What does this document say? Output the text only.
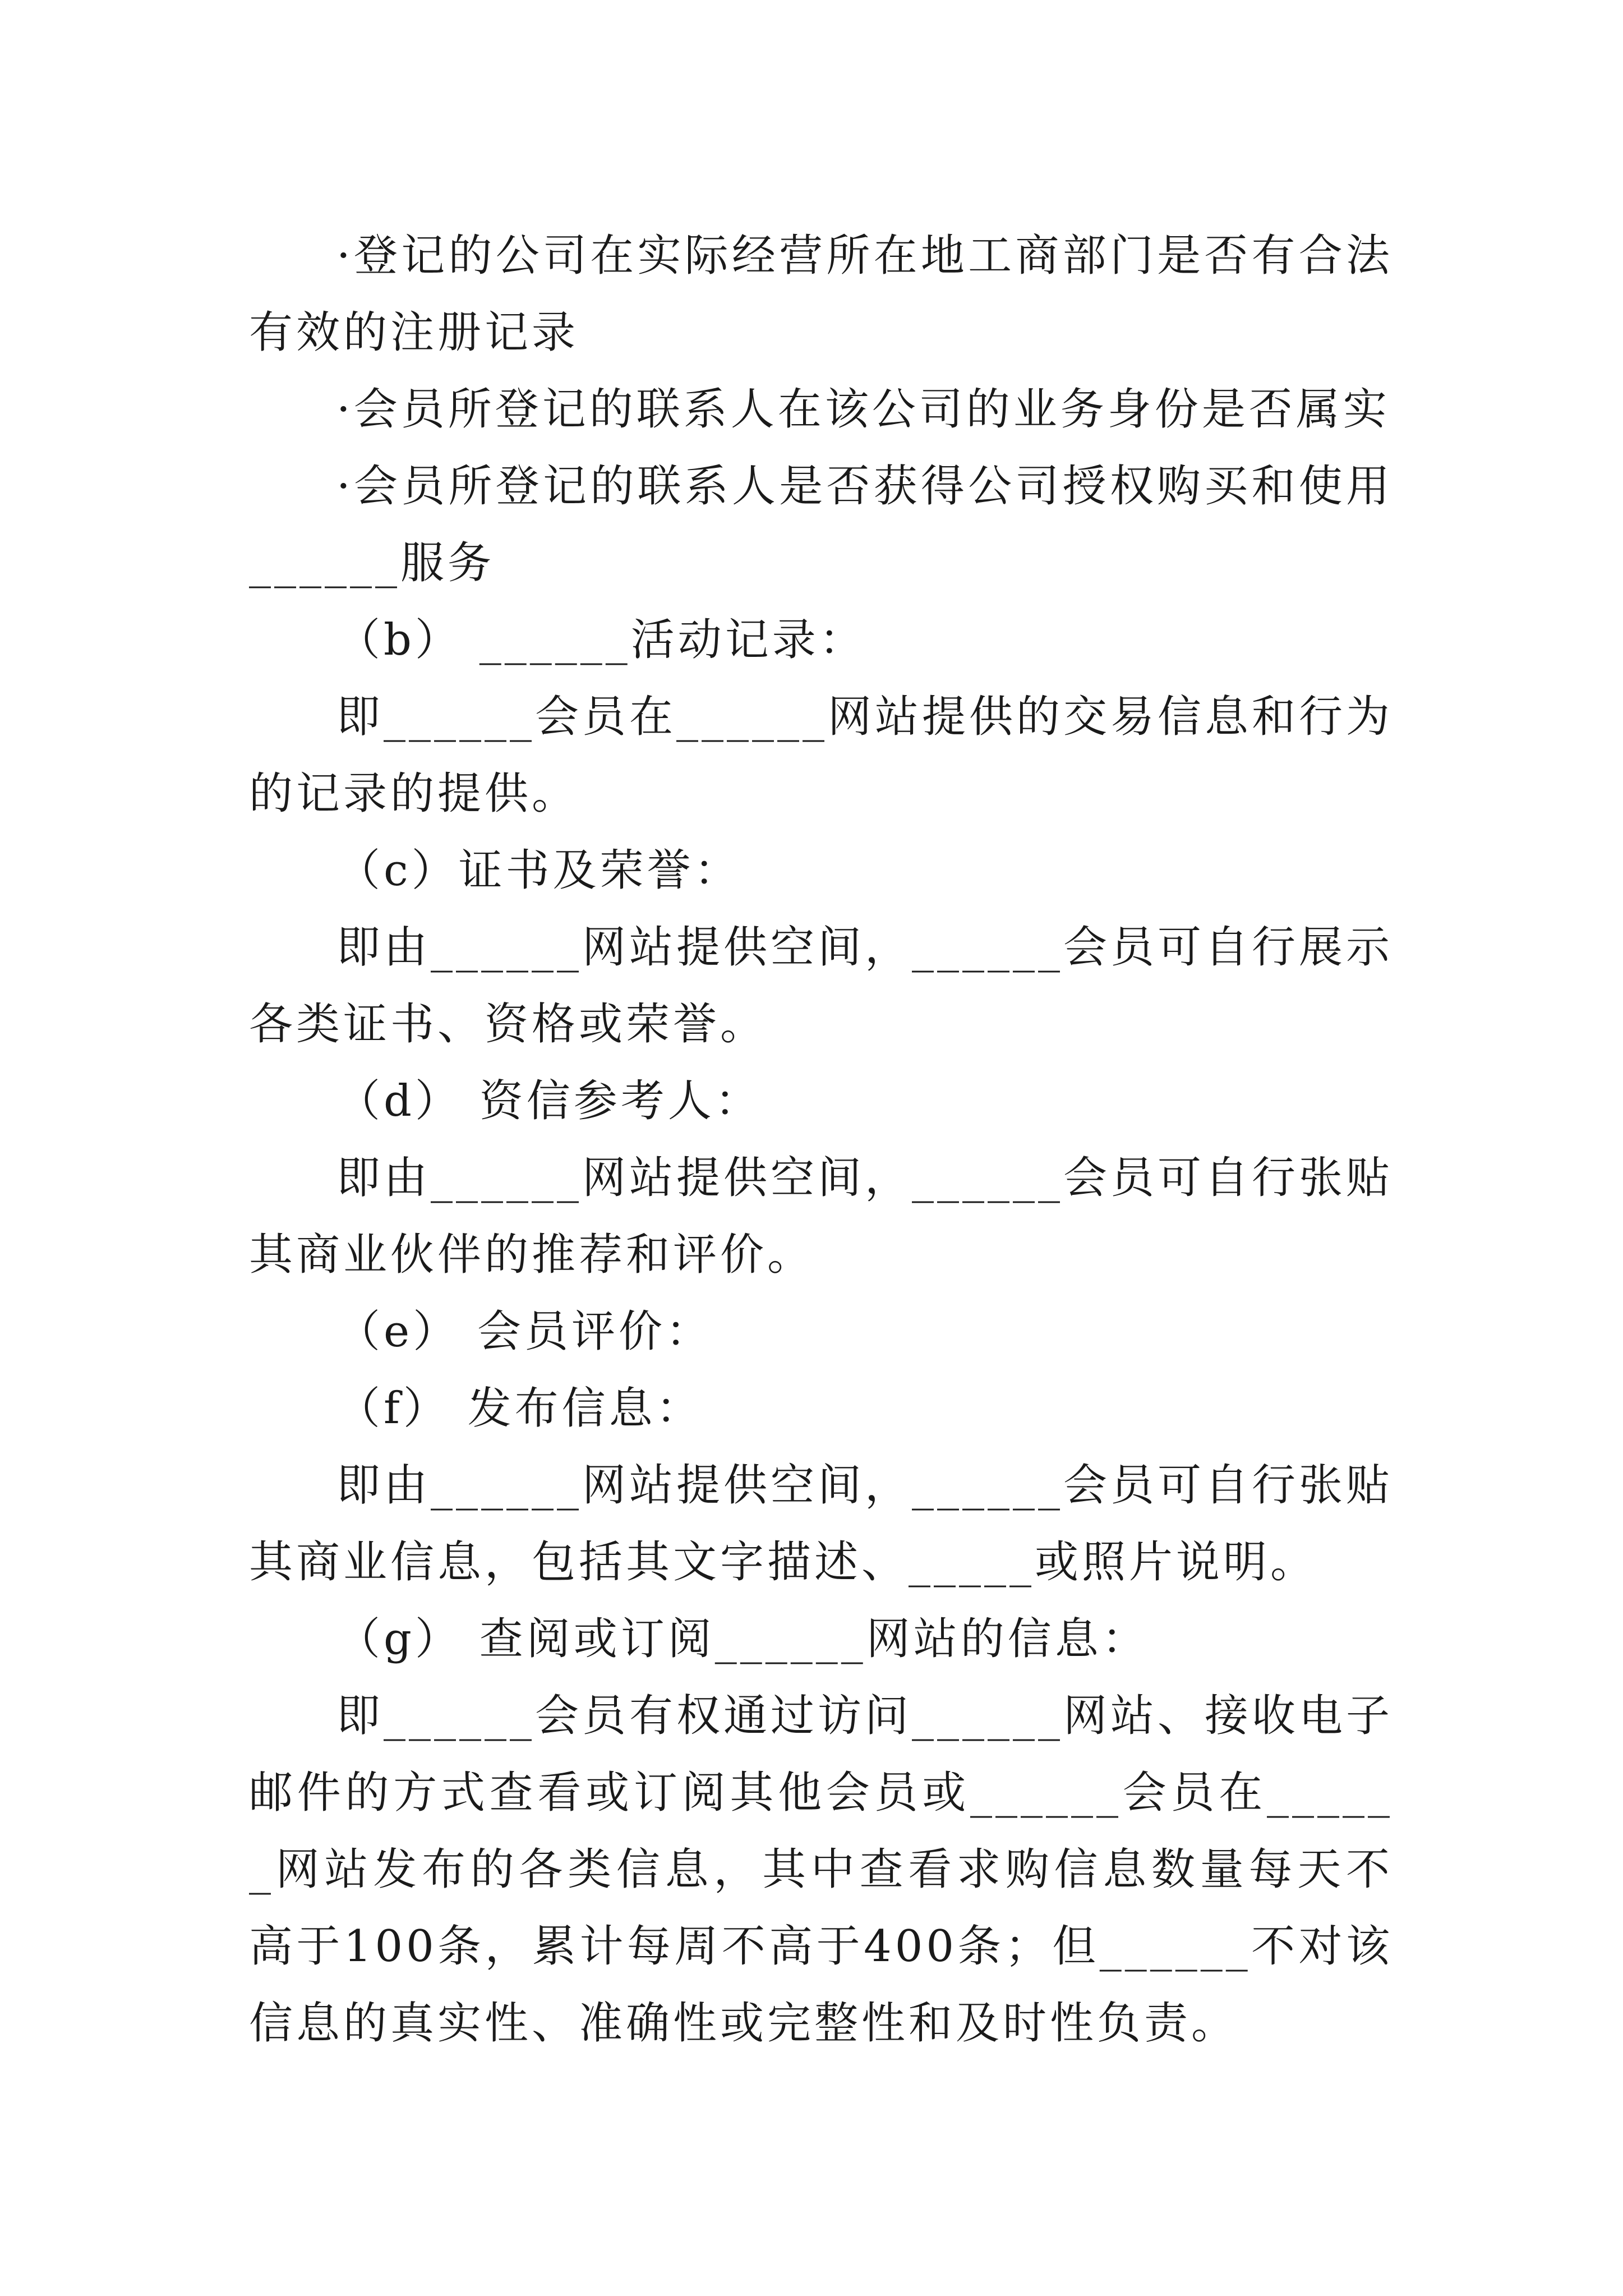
·登记的公司在实际经营所在地工商部门是否有合法有效的注册记录

·会员所登记的联系人在该公司的业务身份是否属实

·会员所登记的联系人是否获得公司授权购买和使用______服务

（b） ______活动记录：

即______会员在______网站提供的交易信息和行为的记录的提供。

（c）证书及荣誉：

即由______网站提供空间，______会员可自行展示各类证书、资格或荣誉。

（d） 资信参考人：

即由______网站提供空间，______会员可自行张贴其商业伙伴的推荐和评价。

（e） 会员评价：

（f） 发布信息：

即由______网站提供空间，______会员可自行张贴其商业信息，包括其文字描述、_____或照片说明。

（g） 查阅或订阅______网站的信息：

即______会员有权通过访问______网站、接收电子邮件的方式查看或订阅其他会员或______会员在______网站发布的各类信息，其中查看求购信息数量每天不高于100条，累计每周不高于400条；但______不对该信息的真实性、准确性或完整性和及时性负责。
